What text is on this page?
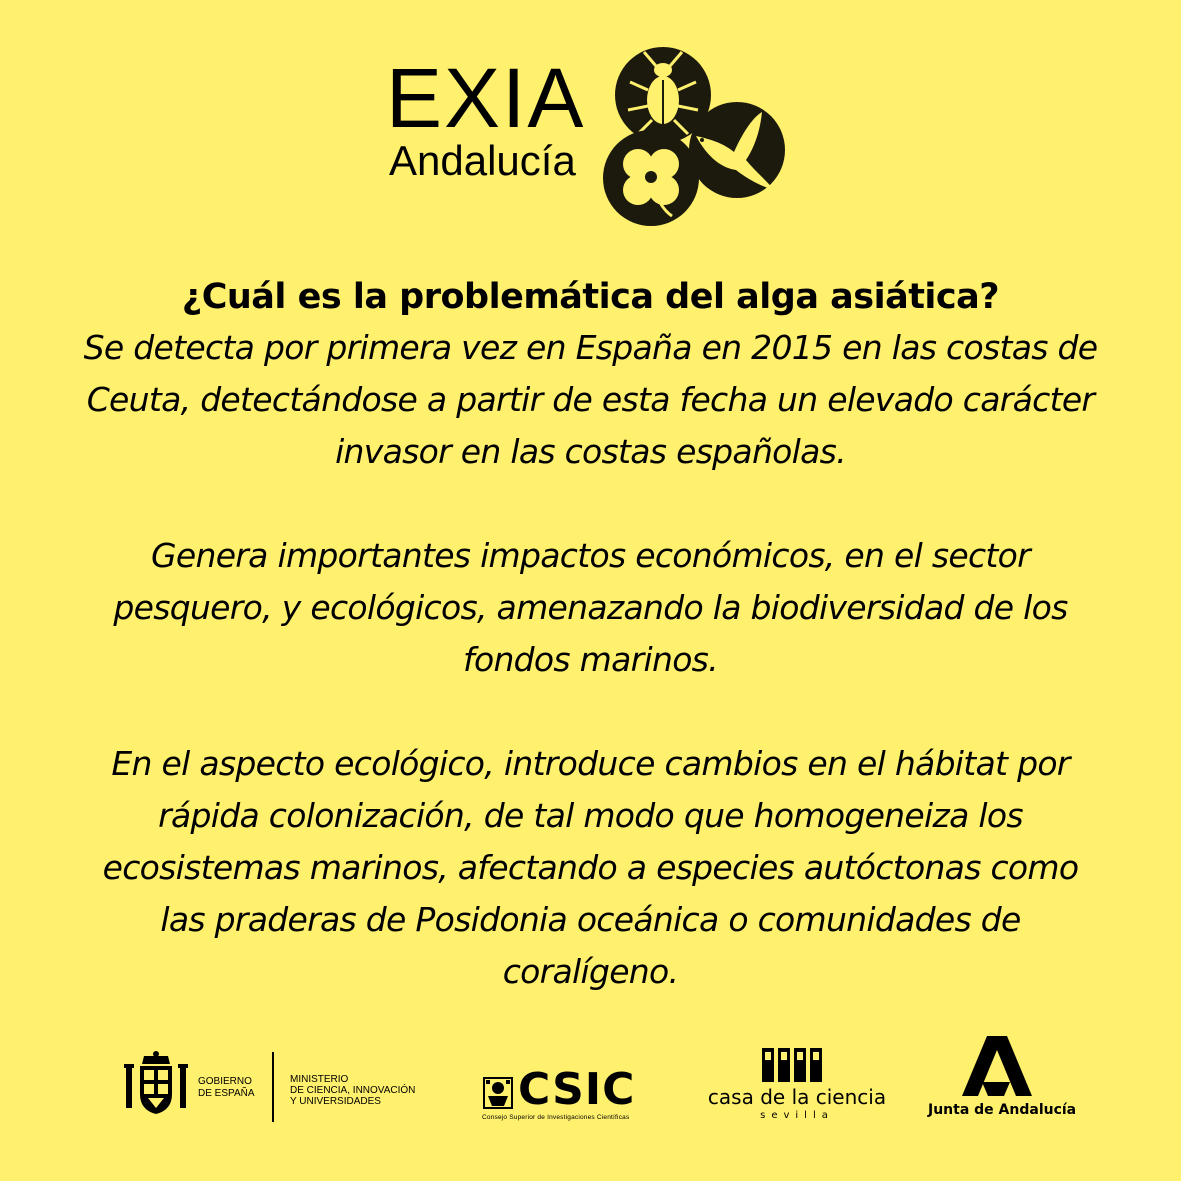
EXIA
Andalucía
¿Cuál es la problemática del alga asiática?

Se detecta por primera vez en España en 2015 en las costas de
Ceuta, detectándose a partir de esta fecha un elevado carácter
invasor en las costas españolas.

Genera importantes impactos económicos, en el sector
pesquero, y ecológicos, amenazando la biodiversidad de los
fondos marinos.

En el aspecto ecológico, introduce cambios en el hábitat por
rápida colonización, de tal modo que homogeneiza los
ecosistemas marinos, afectando a especies autóctonas como
las praderas de Posidonia oceánica o comunidades de
coralígeno.

GOBIERNO
DE ESPAÑA
MINISTERIO
DE CIENCIA, INNOVACIÓN
Y UNIVERSIDADES	CSIC
Consejo Superior de Investigaciones Científicas
casa de la ciencia
sevilla	Junta de Andalucía
